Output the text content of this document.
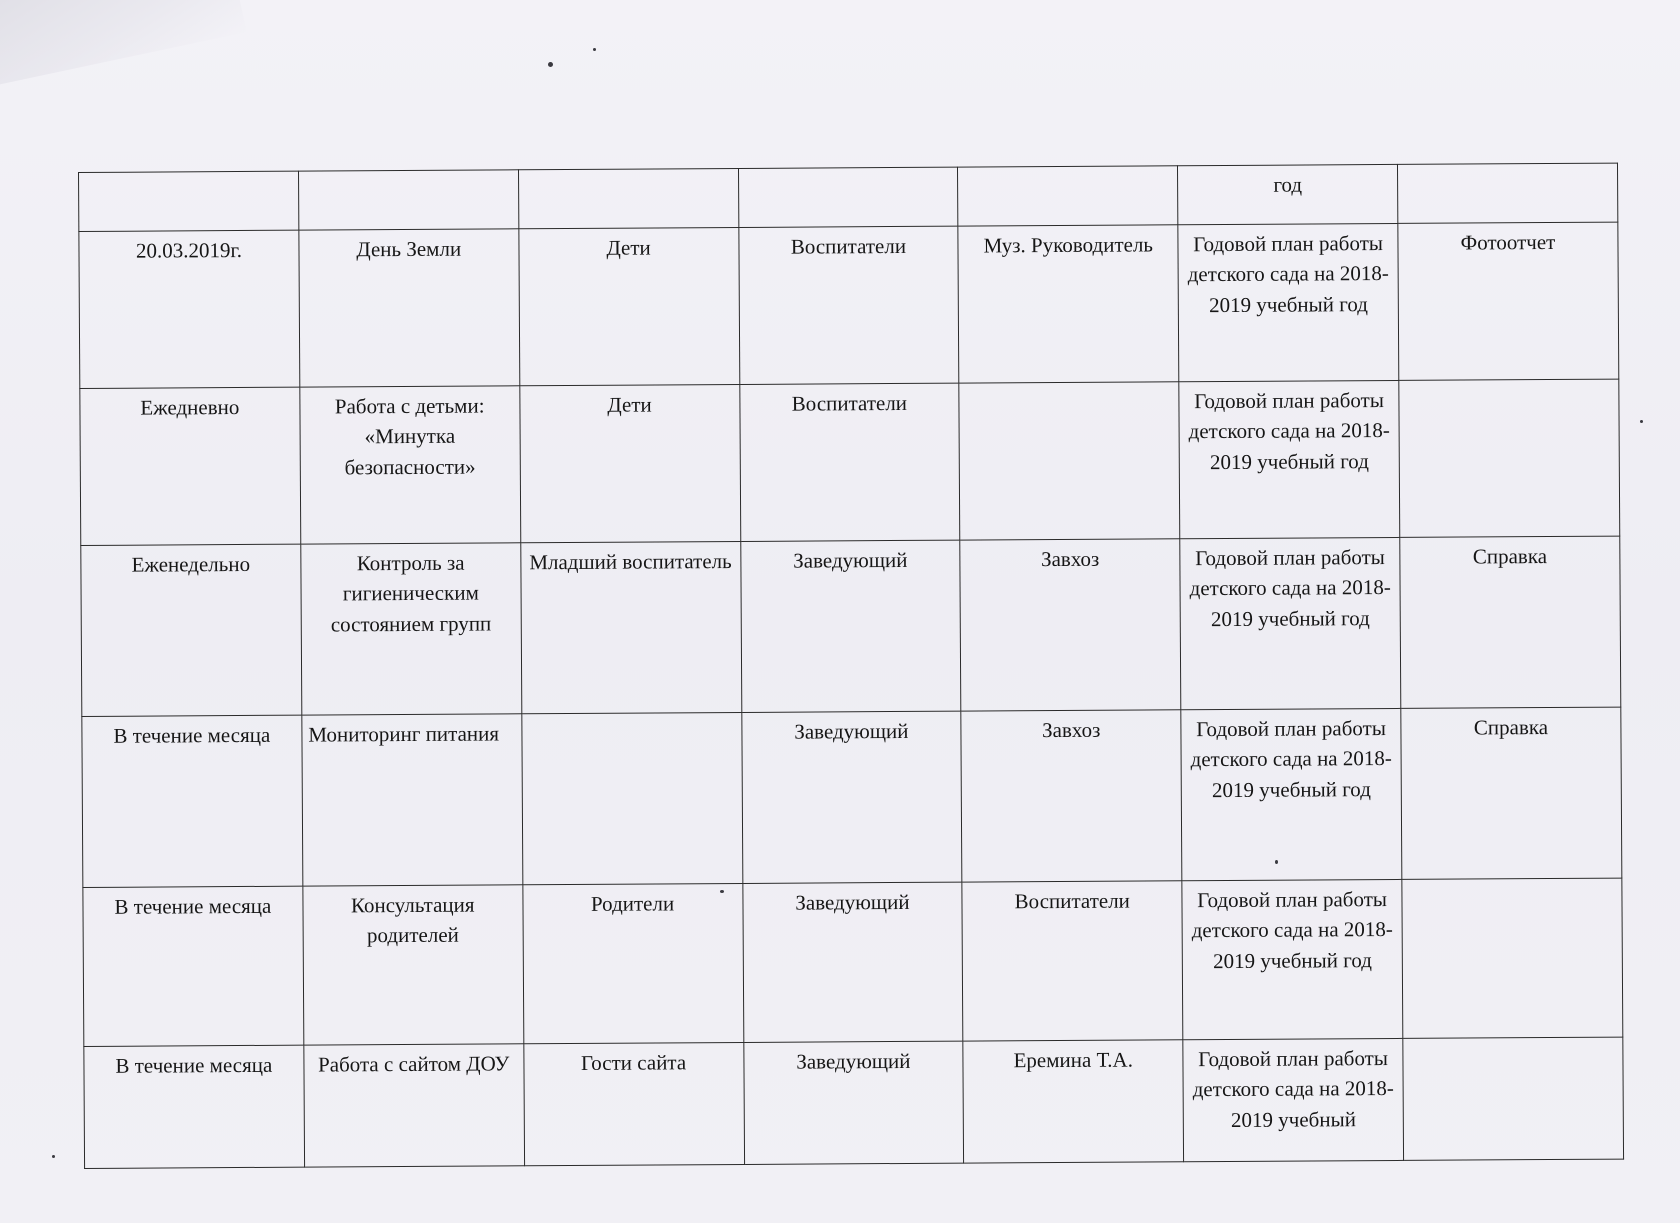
					год	
20.03.2019г.	День Земли	Дети	Воспитатели	Муз. Руководитель	Годовой план работы детского сада на 2018-2019 учебный год	Фотоотчет
Ежедневно	Работа с детьми: «Минутка безопасности»	Дети	Воспитатели		Годовой план работы детского сада на 2018-2019 учебный год	
Еженедельно	Контроль за гигиеническим состоянием групп	Младший воспитатель	Заведующий	Завхоз	Годовой план работы детского сада на 2018-2019 учебный год	Справка
В течение месяца	Мониторинг питания		Заведующий	Завхоз	Годовой план работы детского сада на 2018-2019 учебный год	Справка
В течение месяца	Консультация родителей	Родители	Заведующий	Воспитатели	Годовой план работы детского сада на 2018-2019 учебный год	
В течение месяца	Работа с сайтом ДОУ	Гости сайта	Заведующий	Еремина Т.А.	Годовой план работы детского сада на 2018-2019 учебный	
